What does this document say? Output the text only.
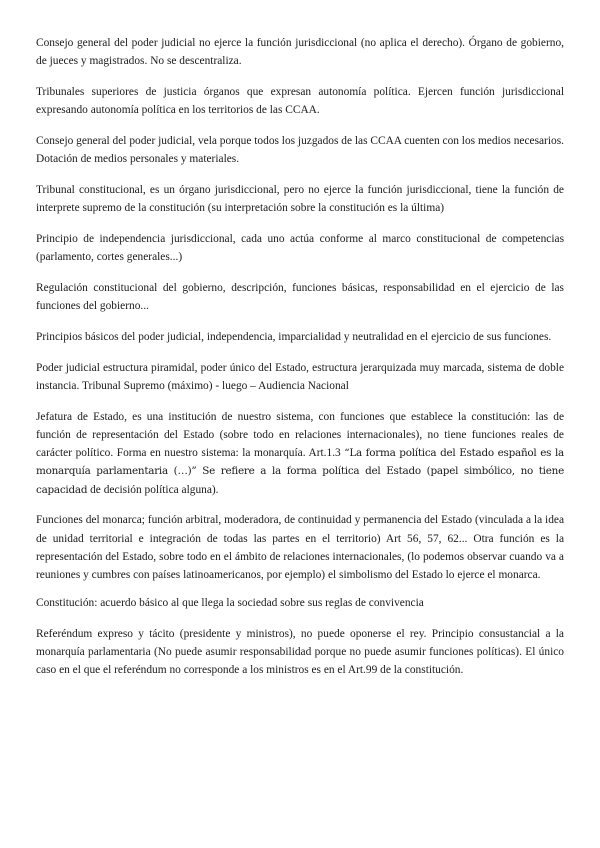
Consejo general del poder judicial no ejerce la función jurisdiccional (no aplica el derecho). Órgano de gobierno, de jueces y magistrados. No se descentraliza.

Tribunales superiores de justicia órganos que expresan autonomía política. Ejercen función jurisdiccional expresando autonomía política en los territorios de las CCAA.

Consejo general del poder judicial, vela porque todos los juzgados de las CCAA cuenten con los medios necesarios. Dotación de medios personales y materiales.

Tribunal constitucional, es un órgano jurisdiccional, pero no ejerce la función jurisdiccional, tiene la función de interprete supremo de la constitución (su interpretación sobre la constitución es la última)

Principio de independencia jurisdiccional, cada uno actúa conforme al marco constitucional de competencias (parlamento, cortes generales...)

Regulación constitucional del gobierno, descripción, funciones básicas, responsabilidad en el ejercicio de las funciones del gobierno...

Principios básicos del poder judicial, independencia, imparcialidad y neutralidad en el ejercicio de sus funciones.

Poder judicial estructura piramidal, poder único del Estado, estructura jerarquizada muy marcada, sistema de doble instancia. Tribunal Supremo (máximo) - luego – Audiencia Nacional

Jefatura de Estado, es una institución de nuestro sistema, con funciones que establece la constitución: las de función de representación del Estado (sobre todo en relaciones internacionales), no tiene funciones reales de carácter político. Forma en nuestro sistema: la monarquía. Art.1.3 “La forma política del Estado español es la monarquía parlamentaria (…)” Se refiere a la forma política del Estado (papel simbólico, no tiene capacidad de decisión política alguna).

Funciones del monarca; función arbitral, moderadora, de continuidad y permanencia del Estado (vinculada a la idea de unidad territorial e integración de todas las partes en el territorio) Art 56, 57, 62... Otra función es la representación del Estado, sobre todo en el ámbito de relaciones internacionales, (lo podemos observar cuando va a reuniones y cumbres con países latinoamericanos, por ejemplo) el simbolismo del Estado lo ejerce el monarca.

Constitución: acuerdo básico al que llega la sociedad sobre sus reglas de convivencia

Referéndum expreso y tácito (presidente y ministros), no puede oponerse el rey. Principio consustancial a la monarquía parlamentaria (No puede asumir responsabilidad porque no puede asumir funciones políticas). El único caso en el que el referéndum no corresponde a los ministros es en el Art.99 de la constitución.
